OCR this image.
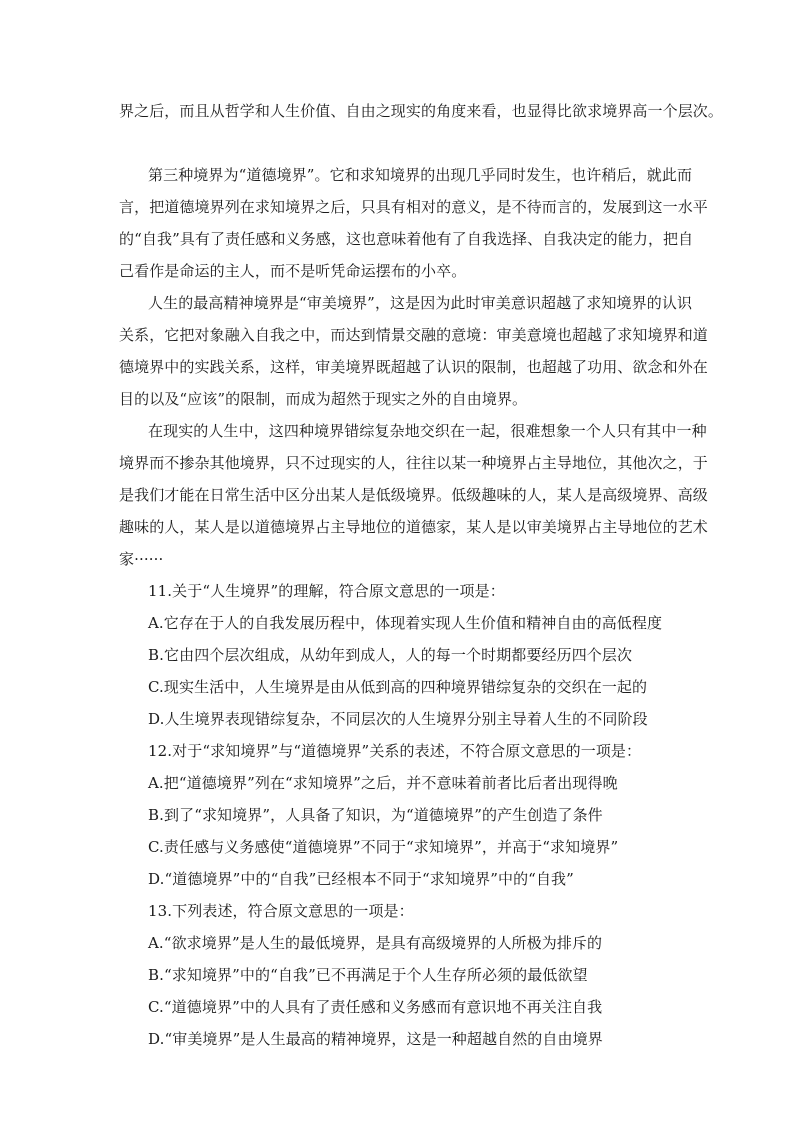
界之后，而且从哲学和人生价值、自由之现实的角度来看，也显得比欲求境界高一个层次。
第三种境界为“道德境界”。它和求知境界的出现几乎同时发生，也许稍后，就此而
言，把道德境界列在求知境界之后，只具有相对的意义，是不待而言的，发展到这一水平
的“自我”具有了责任感和义务感，这也意味着他有了自我选择、自我决定的能力，把自
己看作是命运的主人，而不是听凭命运摆布的小卒。
人生的最高精神境界是“审美境界”，这是因为此时审美意识超越了求知境界的认识
关系，它把对象融入自我之中，而达到情景交融的意境：审美意境也超越了求知境界和道
德境界中的实践关系，这样，审美境界既超越了认识的限制，也超越了功用、欲念和外在
目的以及“应该”的限制，而成为超然于现实之外的自由境界。
在现实的人生中，这四种境界错综复杂地交织在一起，很难想象一个人只有其中一种
境界而不掺杂其他境界，只不过现实的人，往往以某一种境界占主导地位，其他次之，于
是我们才能在日常生活中区分出某人是低级境界。低级趣味的人，某人是高级境界、高级
趣味的人，某人是以道德境界占主导地位的道德家，某人是以审美境界占主导地位的艺术
家······
11.关于“人生境界”的理解，符合原文意思的一项是：
A.它存在于人的自我发展历程中，体现着实现人生价值和精神自由的高低程度
B.它由四个层次组成，从幼年到成人，人的每一个时期都要经历四个层次
C.现实生活中，人生境界是由从低到高的四种境界错综复杂的交织在一起的
D.人生境界表现错综复杂，不同层次的人生境界分别主导着人生的不同阶段
12.对于“求知境界”与“道德境界”关系的表述，不符合原文意思的一项是：
A.把“道德境界”列在“求知境界”之后，并不意味着前者比后者出现得晚
B.到了“求知境界”，人具备了知识，为“道德境界”的产生创造了条件
C.责任感与义务感使“道德境界”不同于“求知境界”，并高于“求知境界”
D.“道德境界”中的“自我”已经根本不同于“求知境界”中的“自我”
13.下列表述，符合原文意思的一项是：
A.“欲求境界”是人生的最低境界，是具有高级境界的人所极为排斥的
B.“求知境界”中的“自我”已不再满足于个人生存所必须的最低欲望
C.“道德境界”中的人具有了责任感和义务感而有意识地不再关注自我
D.“审美境界”是人生最高的精神境界，这是一种超越自然的自由境界
